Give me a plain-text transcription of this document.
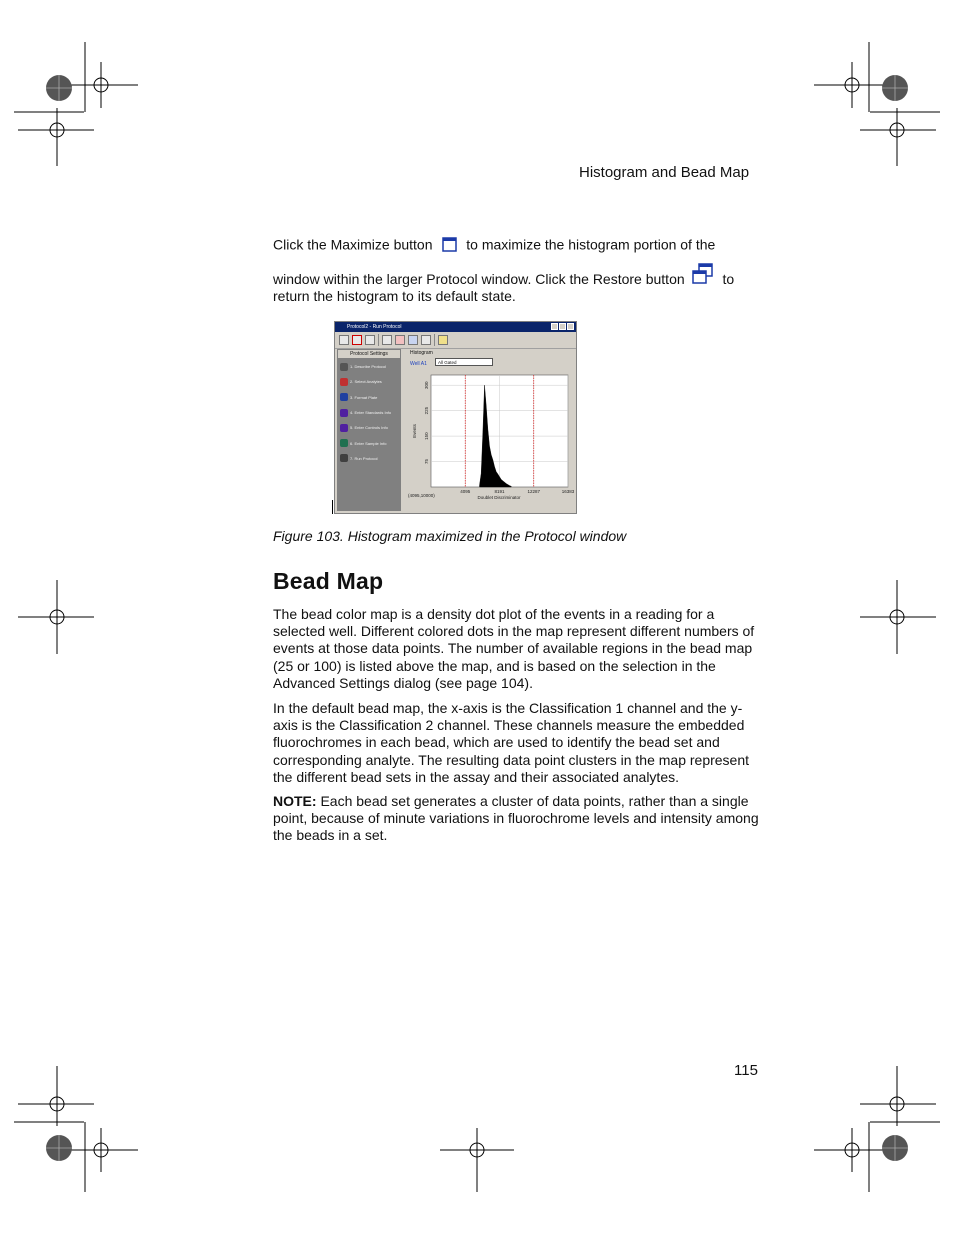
Histogram and Bead Map
Click the Maximize button to maximize the histogram portion of the
window within the larger Protocol window. Click the Restore button	to
return the histogram to its default state.
Protocol2 - Run Protocol
Protocol Settings
1. Describe Protocol
2. Select Analytes
3. Format Plate
4. Enter Standards Info
5. Enter Controls Info
6. Enter Sample Info
7. Run Protocol
Histogram
Well A1	All Gated
75
150
225
300
4095	8191	12287	16383
Events
Doublet Discriminator
(4095,10000)
Figure 103. Histogram maximized in the Protocol window
Bead Map

The bead color map is a density dot plot of the events in a reading for a selected well. Different colored dots in the map represent different numbers of events at those data points. The number of available regions in the bead map (25 or 100) is listed above the map, and is based on the selection in the Advanced Settings dialog (see page 104).

In the default bead map, the x-axis is the Classification 1 channel and the y-axis is the Classification 2 channel. These channels measure the embedded fluorochromes in each bead, which are used to identify the bead set and corresponding analyte. The resulting data point clusters in the map represent the different bead sets in the assay and their associated analytes.

NOTE: Each bead set generates a cluster of data points, rather than a single point, because of minute variations in fluorochrome levels and intensity among the beads in a set.

115
